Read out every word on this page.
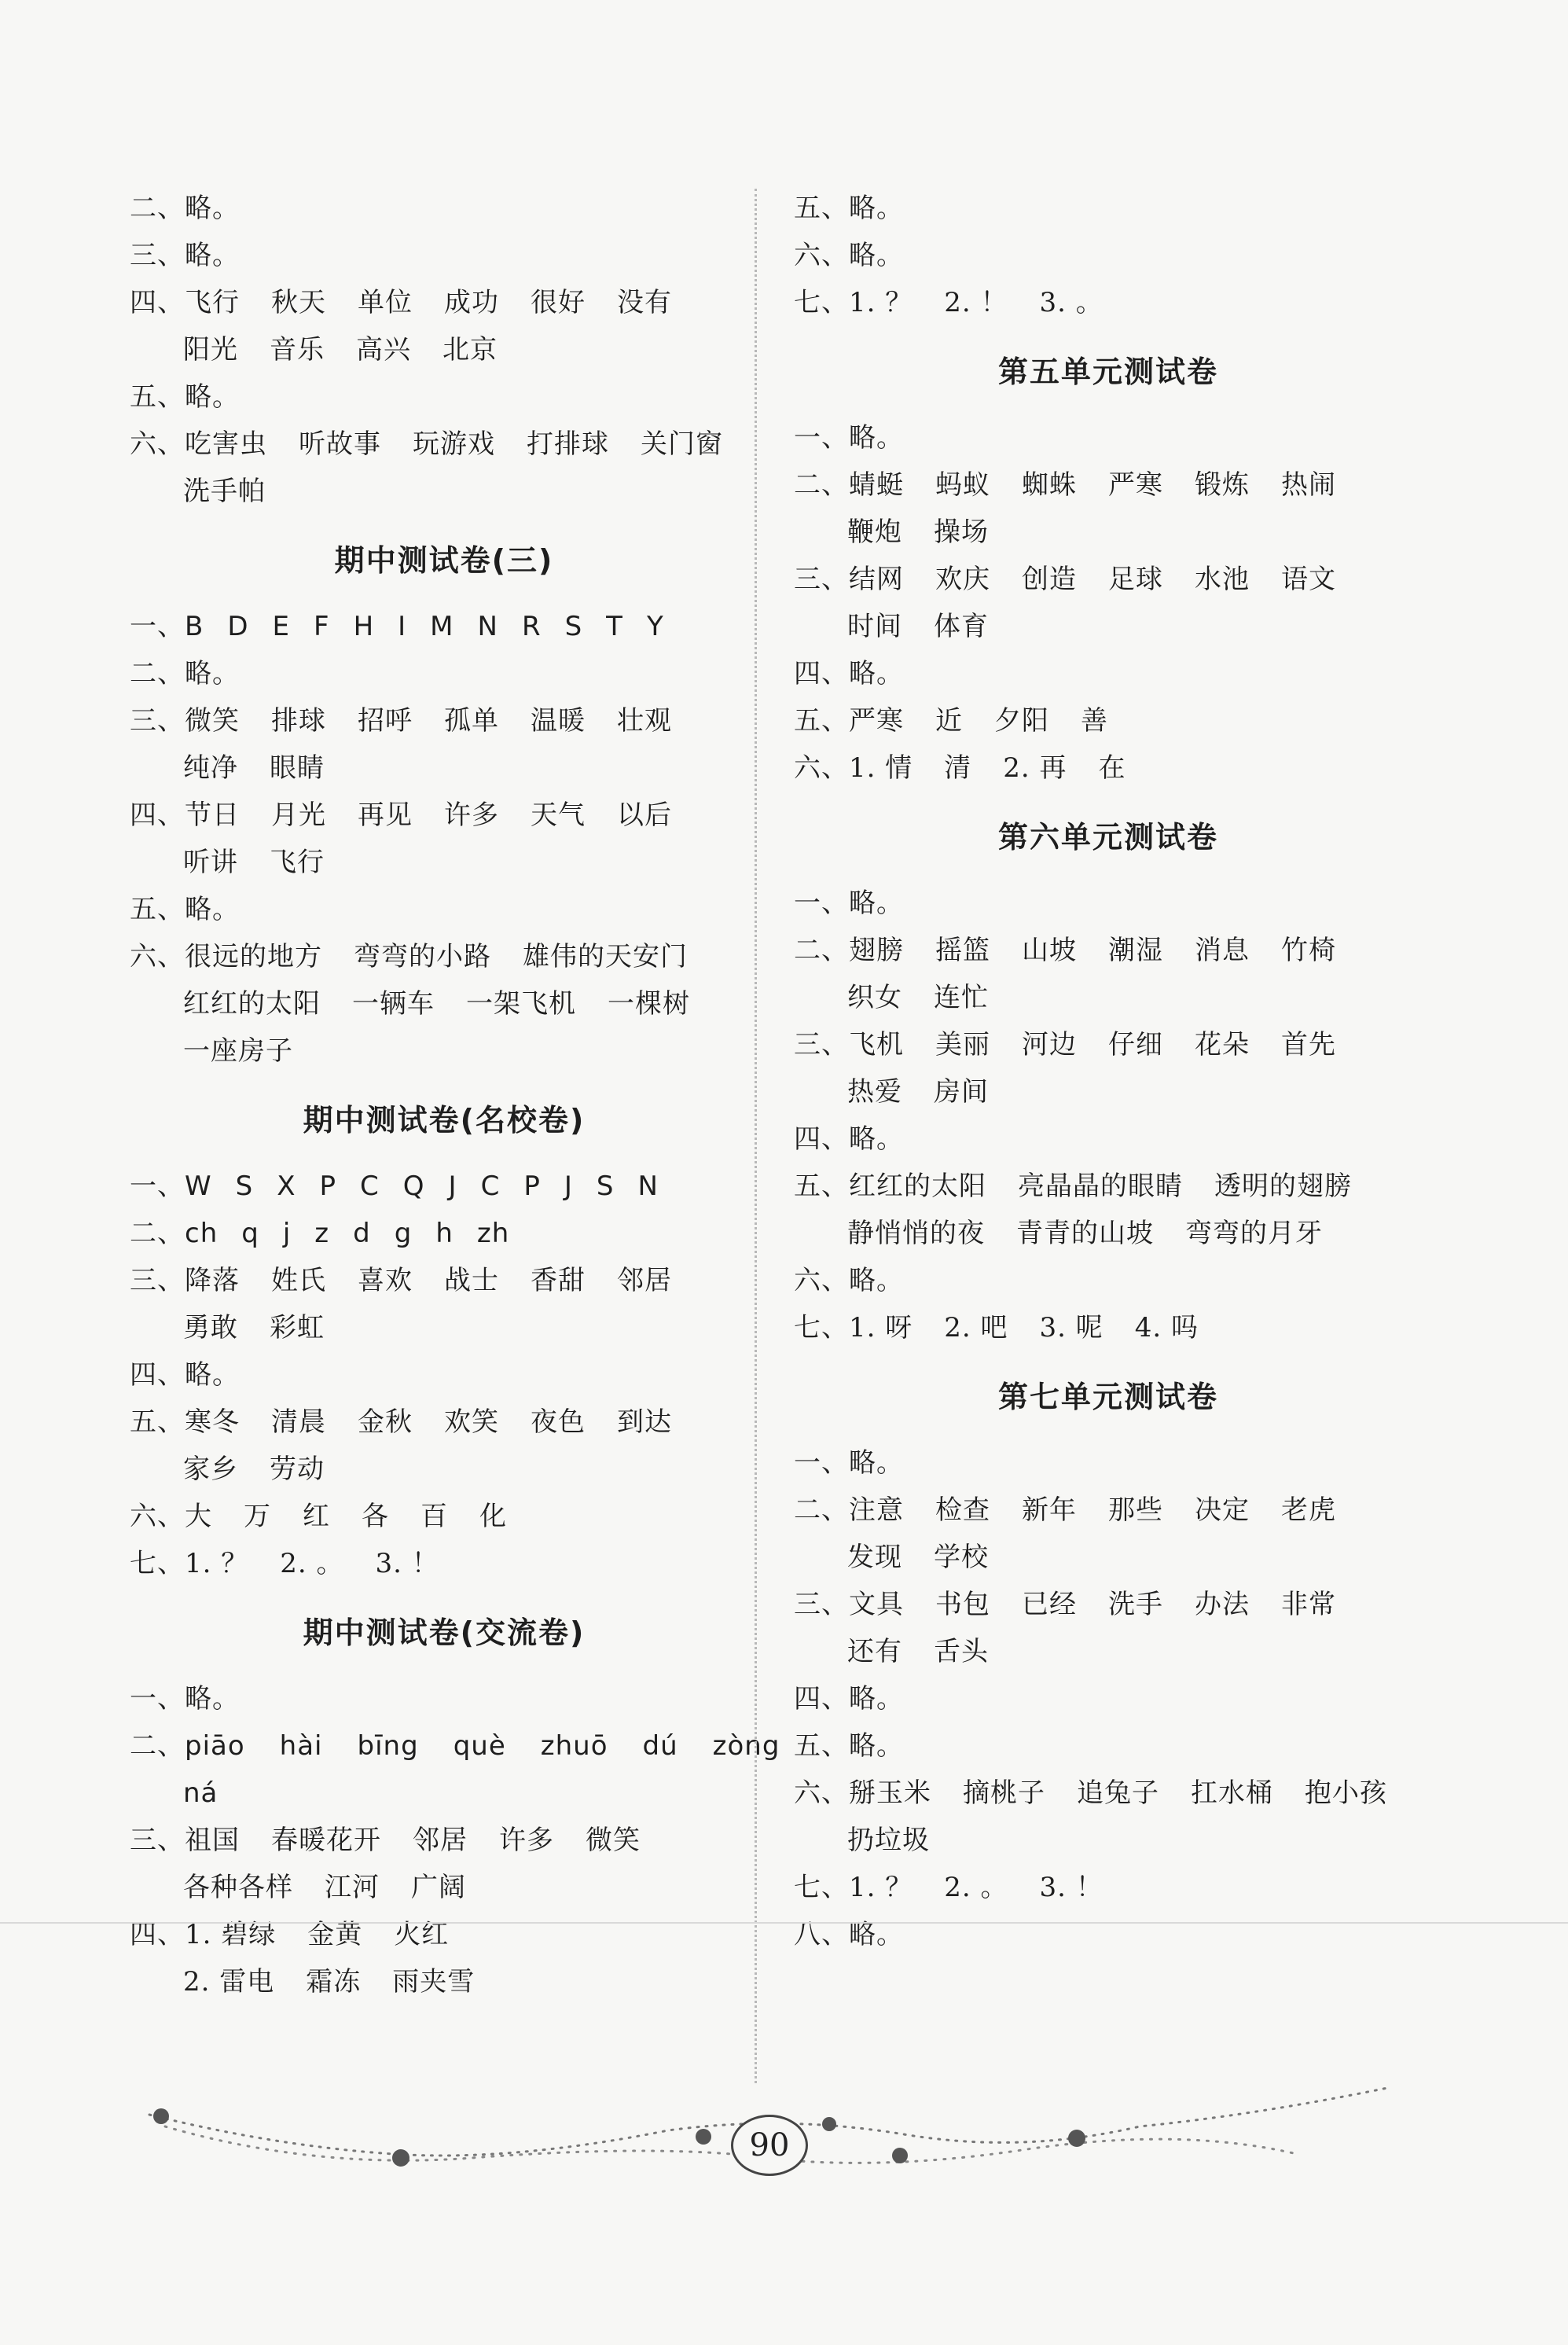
二、略。
三、略。
四、飞行 秋天 单位 成功 很好 没有
阳光 音乐 高兴 北京
五、略。
六、吃害虫 听故事 玩游戏 打排球 关门窗
洗手帕
期中测试卷(三)
一、B D E F H I M N R S T Y
二、略。
三、微笑 排球 招呼 孤单 温暖 壮观
纯净 眼睛
四、节日 月光 再见 许多 天气 以后
听讲 飞行
五、略。
六、很远的地方 弯弯的小路 雄伟的天安门
红红的太阳 一辆车 一架飞机 一棵树
一座房子
期中测试卷(名校卷)
一、W S X P C Q J C P J S N
二、ch q j z d g h zh
三、降落 姓氏 喜欢 战士 香甜 邻居
勇敢 彩虹
四、略。
五、寒冬 清晨 金秋 欢笑 夜色 到达
家乡 劳动
六、大 万 红 各 百 化
七、1. ？ 2. 。 3. ！
期中测试卷(交流卷)
一、略。
二、piāo hài bīng què zhuō dú zòng
ná
三、祖国 春暖花开 邻居 许多 微笑
各种各样 江河 广阔
四、1. 碧绿 金黄 火红
2. 雷电 霜冻 雨夹雪
五、略。
六、略。
七、1. ？ 2. ！ 3. 。
第五单元测试卷
一、略。
二、蜻蜓 蚂蚁 蜘蛛 严寒 锻炼 热闹
鞭炮 操场
三、结网 欢庆 创造 足球 水池 语文
时间 体育
四、略。
五、严寒 近 夕阳 善
六、1. 情 清 2. 再 在
第六单元测试卷
一、略。
二、翅膀 摇篮 山坡 潮湿 消息 竹椅
织女 连忙
三、飞机 美丽 河边 仔细 花朵 首先
热爱 房间
四、略。
五、红红的太阳 亮晶晶的眼睛 透明的翅膀
静悄悄的夜 青青的山坡 弯弯的月牙
六、略。
七、1. 呀 2. 吧 3. 呢 4. 吗
第七单元测试卷
一、略。
二、注意 检查 新年 那些 决定 老虎
发现 学校
三、文具 书包 已经 洗手 办法 非常
还有 舌头
四、略。
五、略。
六、掰玉米 摘桃子 追兔子 扛水桶 抱小孩
扔垃圾
七、1. ？ 2. 。 3. ！
八、略。
90
